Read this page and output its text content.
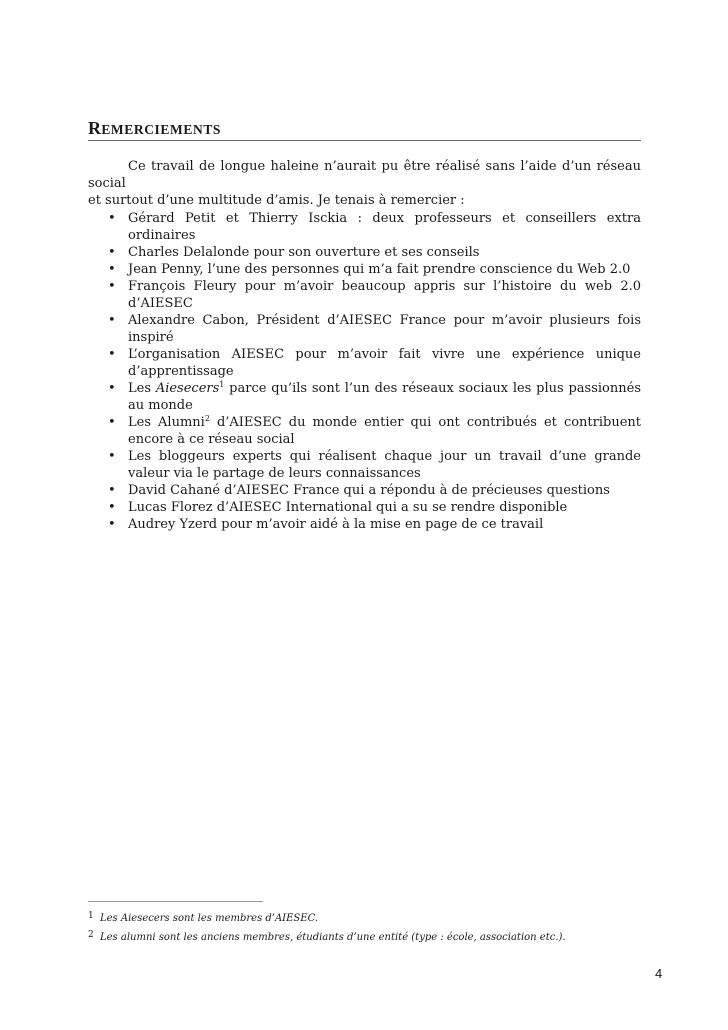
REMERCIEMENTS
Ce travail de longue haleine n’aurait pu être réalisé sans l’aide d’un réseau social
et surtout d’une multitude d’amis. Je tenais à remercier :
• Gérard Petit et Thierry Isckia : deux professeurs et conseillers extra ordinaires
• Charles Delalonde pour son ouverture et ses conseils
• Jean Penny, l’une des personnes qui m’a fait prendre conscience du Web 2.0
• François Fleury pour m’avoir beaucoup appris sur l’histoire du web 2.0 d’AIESEC
• Alexandre Cabon, Président d’AIESEC France pour m’avoir plusieurs fois inspiré
• L’organisation AIESEC pour m’avoir fait vivre une expérience unique d’apprentissage
• Les Aiesecers$^1$ parce qu’ils sont l’un des réseaux sociaux les plus passionnés au monde
• Les Alumni$^2$ d’AIESEC du monde entier qui ont contribués et contribuent encore à ce réseau social
• Les bloggeurs experts qui réalisent chaque jour un travail d’une grande valeur via le partage de leurs connaissances
• David Cahané d’AIESEC France qui a répondu à de précieuses questions
• Lucas Florez d’AIESEC International qui a su se rendre disponible
• Audrey Yzerd pour m’avoir aidé à la mise en page de ce travail
1 Les Aiesecers sont les membres d’AIESEC.
2 Les alumni sont les anciens membres, étudiants d’une entité (type : école, association etc.).
4
